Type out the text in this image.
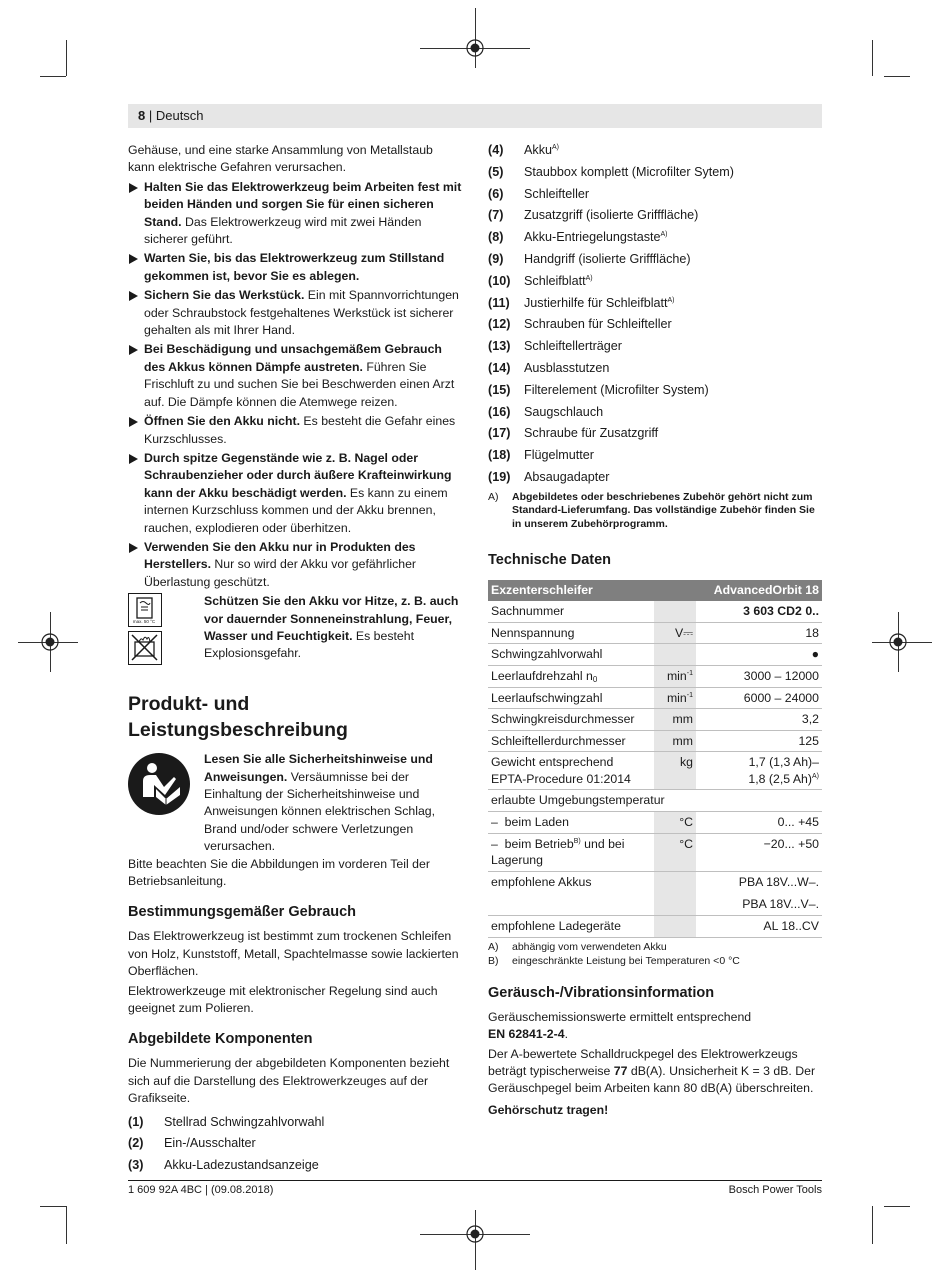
8 | Deutsch

Gehäuse, und eine starke Ansammlung von Metallstaub kann elektrische Gefahren verursachen.

Halten Sie das Elektrowerkzeug beim Arbeiten fest mit beiden Händen und sorgen Sie für einen sicheren Stand. Das Elektrowerkzeug wird mit zwei Händen sicherer geführt.

Warten Sie, bis das Elektrowerkzeug zum Stillstand gekommen ist, bevor Sie es ablegen.

Sichern Sie das Werkstück. Ein mit Spannvorrichtungen oder Schraubstock festgehaltenes Werkstück ist sicherer gehalten als mit Ihrer Hand.

Bei Beschädigung und unsachgemäßem Gebrauch des Akkus können Dämpfe austreten. Führen Sie Frischluft zu und suchen Sie bei Beschwerden einen Arzt auf. Die Dämpfe können die Atemwege reizen.

Öffnen Sie den Akku nicht. Es besteht die Gefahr eines Kurzschlusses.

Durch spitze Gegenstände wie z. B. Nagel oder Schraubenzieher oder durch äußere Krafteinwirkung kann der Akku beschädigt werden. Es kann zu einem internen Kurzschluss kommen und der Akku brennen, rauchen, explodieren oder überhitzen.

Verwenden Sie den Akku nur in Produkten des Herstellers. Nur so wird der Akku vor gefährlicher Überlastung geschützt.

max. 50 °C
Schützen Sie den Akku vor Hitze, z. B. auch vor dauernder Sonneneinstrahlung, Feuer, Wasser und Feuchtigkeit. Es besteht Explosionsgefahr.
Produkt- und Leistungsbeschreibung
Lesen Sie alle Sicherheitshinweise und Anweisungen. Versäumnisse bei der Einhaltung der Sicherheitshinweise und Anweisungen können elektrischen Schlag, Brand und/oder schwere Verletzungen verursachen.

Bitte beachten Sie die Abbildungen im vorderen Teil der Betriebsanleitung.

Bestimmungsgemäßer Gebrauch

Das Elektrowerkzeug ist bestimmt zum trockenen Schleifen von Holz, Kunststoff, Metall, Spachtelmasse sowie lackierten Oberflächen.

Elektrowerkzeuge mit elektronischer Regelung sind auch geeignet zum Polieren.

Abgebildete Komponenten

Die Nummerierung der abgebildeten Komponenten bezieht sich auf die Darstellung des Elektrowerkzeuges auf der Grafikseite.

(1)	Stellrad Schwingzahlvorwahl
(2)	Ein-/Ausschalter
(3)	Akku-Ladezustandsanzeige
(4)	Akku$^{A)}$
(5)	Staubbox komplett (Microfilter Sytem)
(6)	Schleifteller
(7)	Zusatzgriff (isolierte Grifffläche)
(8)	Akku-Entriegelungstaste$^{A)}$
(9)	Handgriff (isolierte Grifffläche)
(10)	Schleifblatt$^{A)}$
(11)	Justierhilfe für Schleifblatt$^{A)}$
(12)	Schrauben für Schleifteller
(13)	Schleiftellerträger
(14)	Ausblasstutzen
(15)	Filterelement (Microfilter System)
(16)	Saugschlauch
(17)	Schraube für Zusatzgriff
(18)	Flügelmutter
(19)	Absaugadapter
A)	Abgebildetes oder beschriebenes Zubehör gehört nicht zum Standard-Lieferumfang. Das vollständige Zubehör finden Sie in unserem Zubehörprogramm.
Technische Daten
Exzenterschleifer		AdvancedOrbit 18
Sachnummer		3 603 CD2 0..
Nennspannung	V⎓	18
Schwingzahlvorwahl		●
Leerlaufdrehzahl $n_0$	$\min^{-1}$	3000 – 12000
Leerlaufschwingzahl	$\min^{-1}$	6000 – 24000
Schwingkreisdurchmesser	mm	3,2
Schleiftellerdurchmesser	mm	125
Gewicht entsprechend EPTA-Procedure 01:2014	kg	1,7 (1,3 Ah)–
1,8 (2,5 Ah)$^{A)}$
erlaubte Umgebungstemperatur		
–  beim Laden	°C	0... +45
–  beim Betrieb$^{B)}$ und bei Lagerung	°C	−20... +50
empfohlene Akkus		PBA 18V...W–.
		PBA 18V...V–.
empfohlene Ladegeräte		AL 18..CV
A)	abhängig vom verwendeten Akku
B)	eingeschränkte Leistung bei Temperaturen <0 °C
Geräusch-/Vibrationsinformation

Geräuschemissionswerte ermittelt entsprechend
EN 62841-2-4.

Der A-bewertete Schalldruckpegel des Elektrowerkzeugs beträgt typischerweise 77 dB(A). Unsicherheit K = 3 dB. Der Geräuschpegel beim Arbeiten kann 80 dB(A) überschreiten.

Gehörschutz tragen!

1 609 92A 4BC | (09.08.2018)	Bosch Power Tools
